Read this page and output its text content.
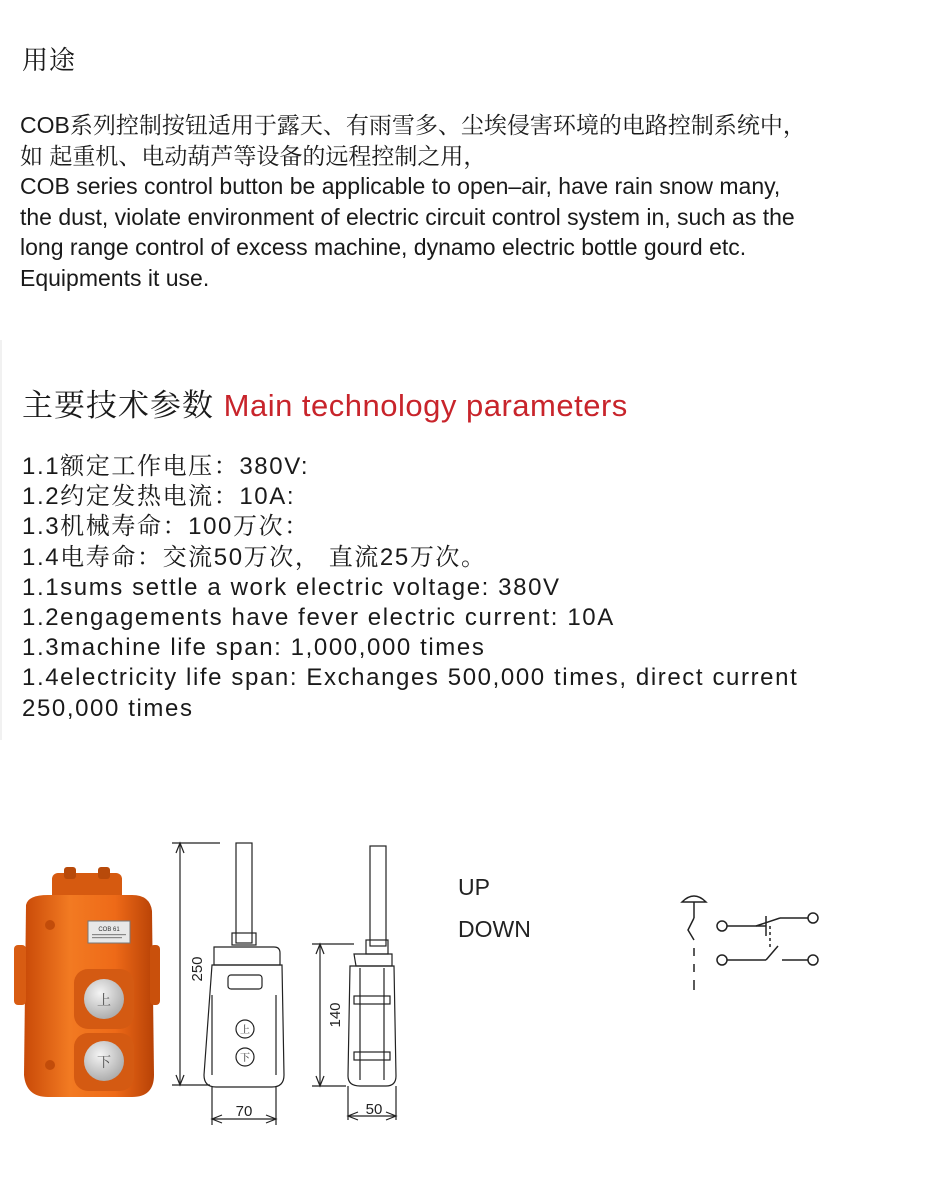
用途
COB系列控制按钮适用于露天、有雨雪多、尘埃侵害环境的电路控制系统中，
如 起重机、电动葫芦等设备的远程控制之用，
COB series control button be applicable to open–air, have rain snow many,
the dust, violate environment of electric circuit control system in, such as the
long range control of excess machine, dynamo electric bottle gourd etc.
Equipments it use.
主要技术参数 Main technology parameters
1.1额定工作电压：380V:
1.2约定发热电流：10A:
1.3机械寿命：100万次：
1.4电寿命：交流50万次， 直流25万次。
1.1sums settle a work electric voltage: 380V
1.2engagements have fever electric current: 10A
1.3machine life span: 1,000,000 times
1.4electricity life span: Exchanges 500,000 times, direct current
250,000 times
COB 61
上
下
上
下
250
70
140
50
UP
DOWN
